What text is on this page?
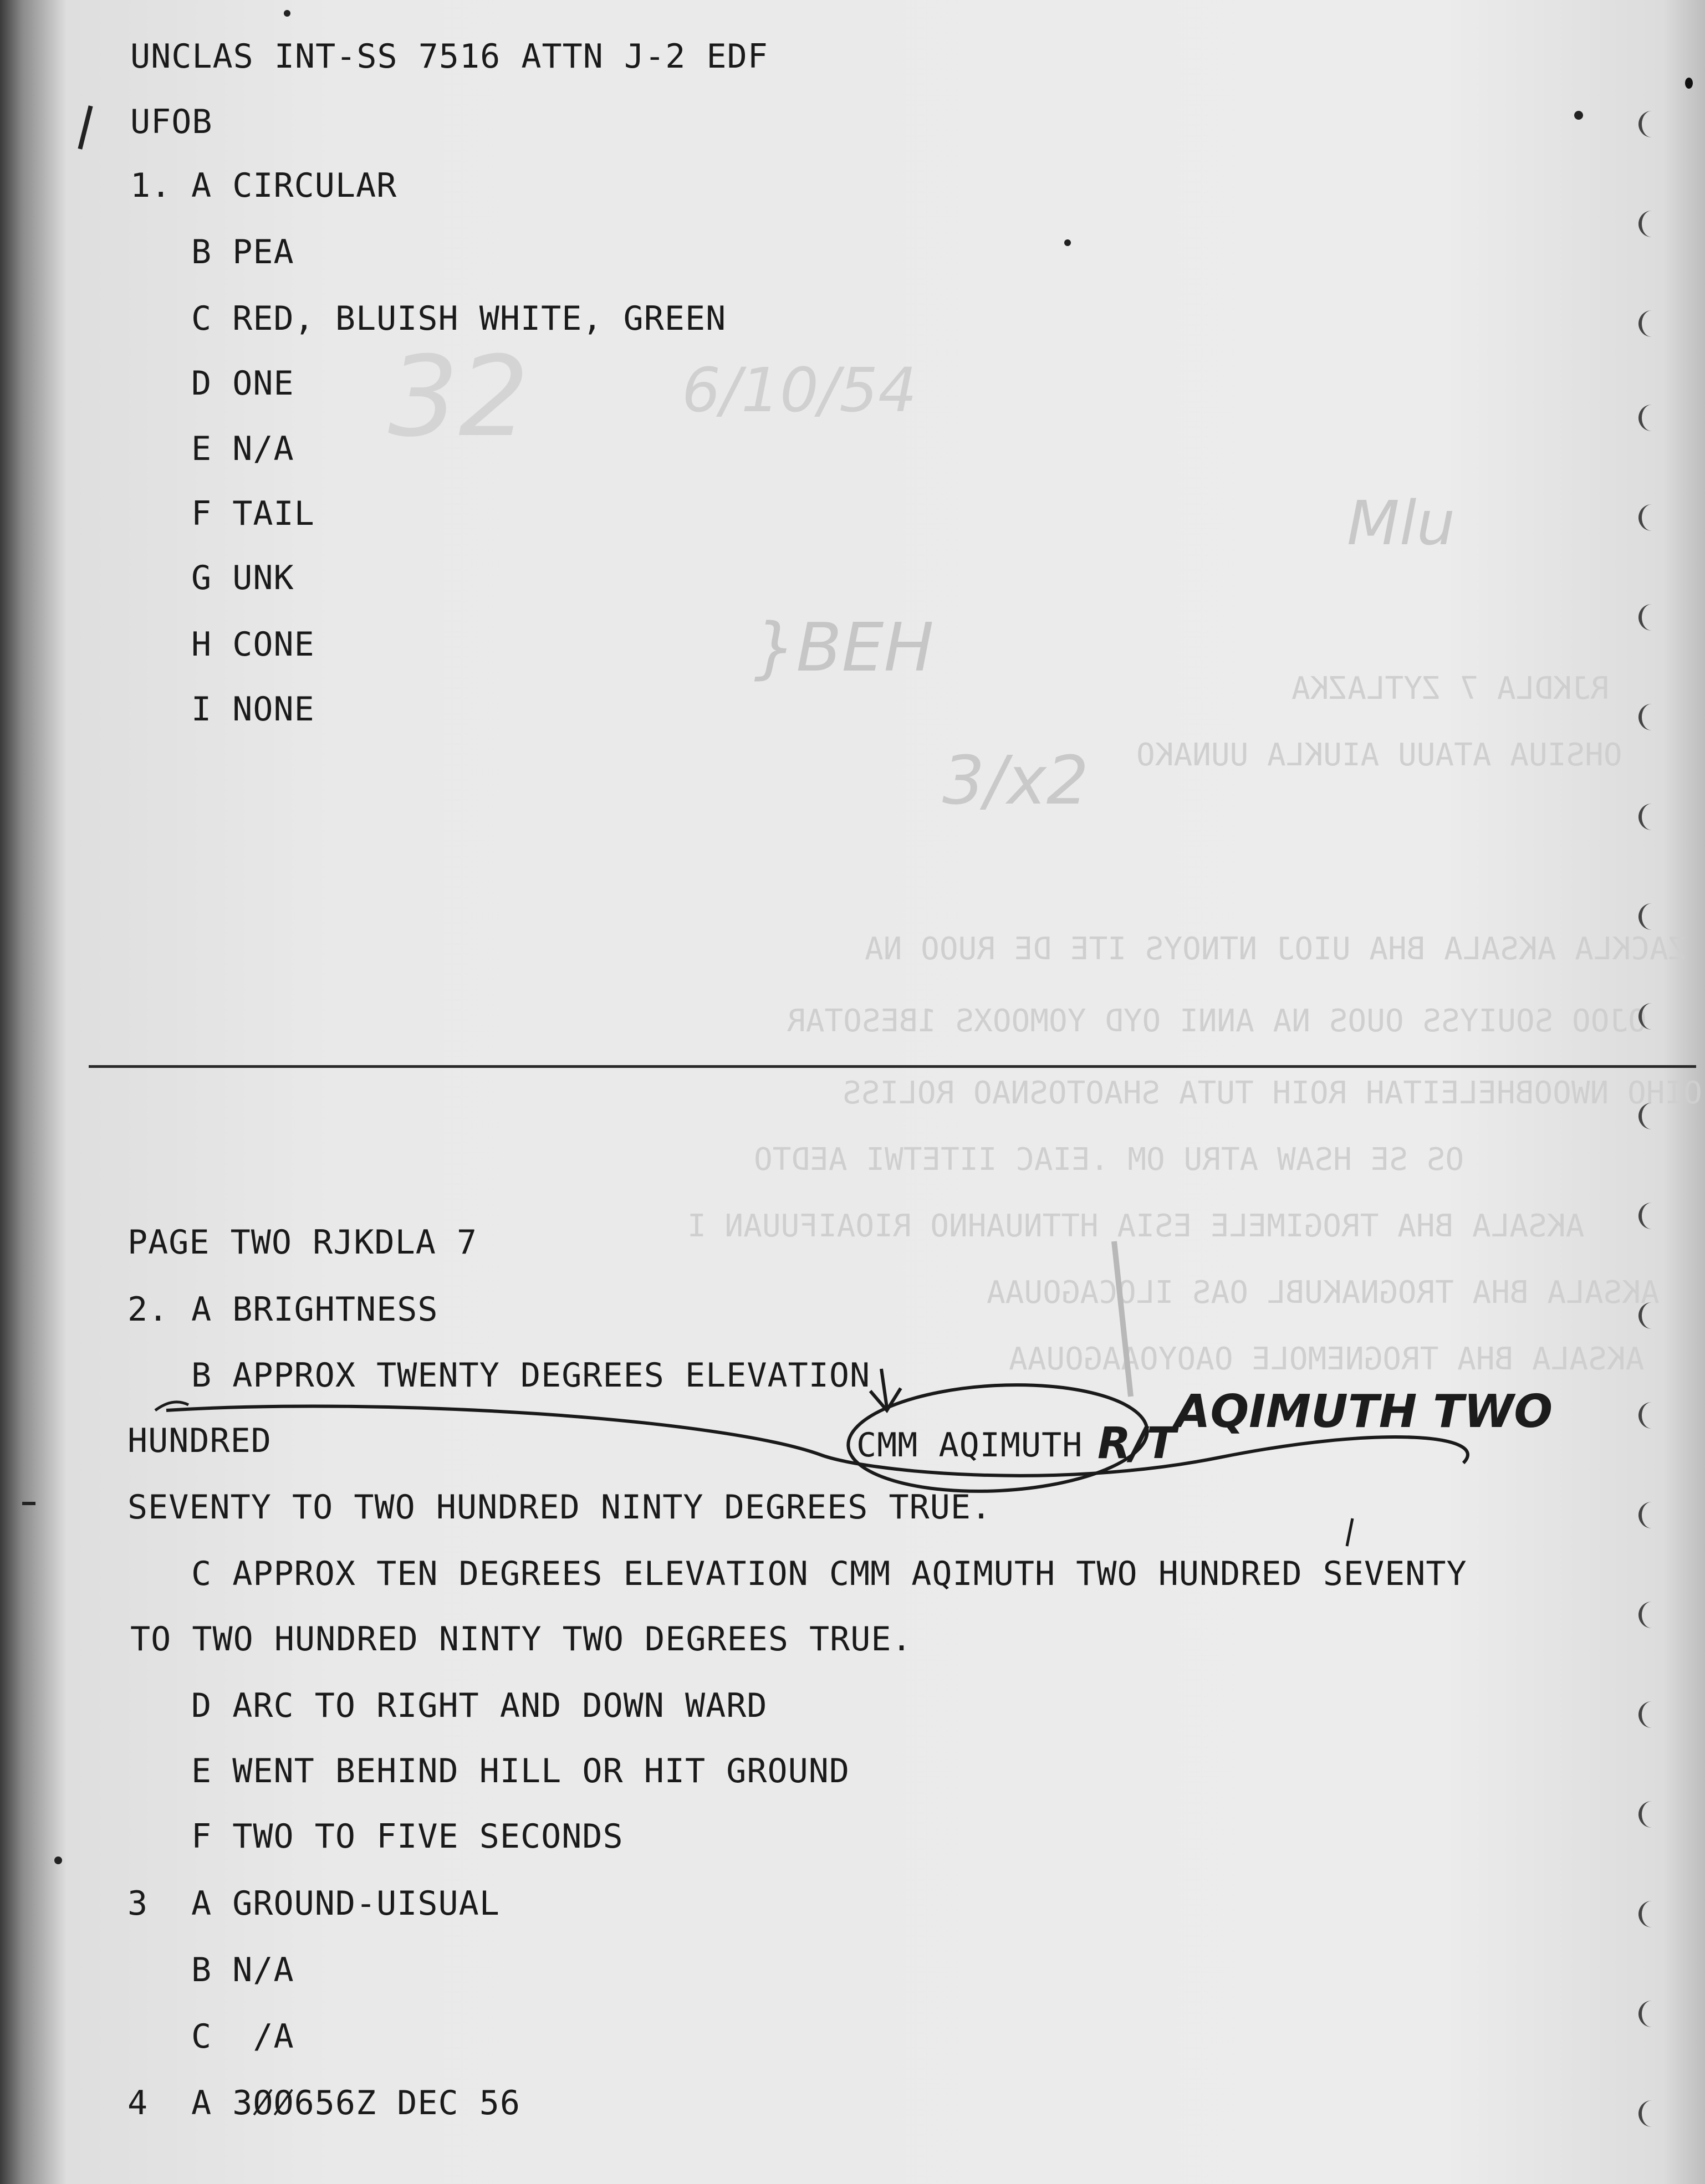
RJKDLA 7 ZYTLAZKA
OHSIUA ATAUU AIUKLA UUNAKO
ZACKLA AKSALA BHA UIOJ NTNOYS ITE DE RUOO NA
OJOO SOUIYSS OUOS NA ANNI OYD YOMOOXS 1BESOTAR
OIHO NWOOBHELEITAH ROIH TUTA SHAOTOSNAO ROLISS
OS SE HSAW ATRU OM .EIAC IITETWI AEDTO
AKSALA BHA TROGIMELE ESIA HTTNUAHNO RIOAIFUUAN I
AKSALA BHA TROGNAKUBL OAS ILOCAGOUAA
AKSALA BHA TROGNEMOLE OAOYOAAGOUAA
32	6/10/54
Mlu
}BEH
3/x2
UNCLAS INT-SS 7516 ATTN J-2 EDF
UFOB
1. A CIRCULAR
B PEA
C RED, BLUISH WHITE, GREEN
D ONE
E N/A
F TAIL
G UNK
H CONE
I NONE
PAGE TWO RJKDLA 7
2. A BRIGHTNESS
B APPROX TWENTY DEGREES ELEVATION
HUNDRED	CMM AQIMUTH R/T
AQIMUTH TWO
SEVENTY TO TWO HUNDRED NINTY DEGREES TRUE.
C APPROX TEN DEGREES ELEVATION CMM AQIMUTH TWO HUNDRED SEVENTY
TO TWO HUNDRED NINTY TWO DEGREES TRUE.
D ARC TO RIGHT AND DOWN WARD
E WENT BEHIND HILL OR HIT GROUND
F TWO TO FIVE SECONDS
3 A GROUND-UISUAL
B N/A
C  /A
4 A 3ØØ656Z DEC 56
